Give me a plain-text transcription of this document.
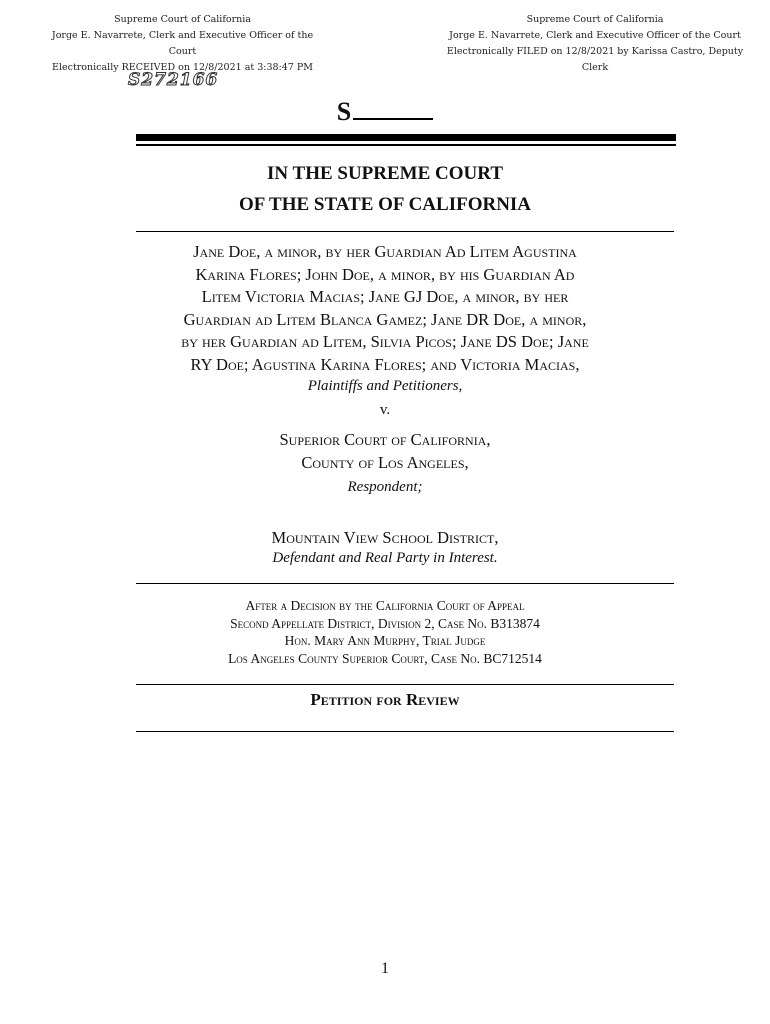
Supreme Court of California
Jorge E. Navarrete, Clerk and Executive Officer of the Court
Electronically RECEIVED on 12/8/2021 at 3:38:47 PM
Supreme Court of California
Jorge E. Navarrete, Clerk and Executive Officer of the Court
Electronically FILED on 12/8/2021 by Karissa Castro, Deputy Clerk
S272166
S
IN THE SUPREME COURT
OF THE STATE OF CALIFORNIA
Jane Doe, a minor, by her Guardian Ad Litem Agustina
Karina Flores; John Doe, a minor, by his Guardian Ad
Litem Victoria Macias; Jane GJ Doe, a minor, by her
Guardian ad Litem Blanca Gamez; Jane DR Doe, a minor,
by her Guardian ad Litem, Silvia Picos; Jane DS Doe; Jane
RY Doe; Agustina Karina Flores; and Victoria Macias,
Plaintiffs and Petitioners,
v.
Superior Court of California,
County of Los Angeles,
Respondent;
Mountain View School District,
Defendant and Real Party in Interest.
After a Decision by the California Court of Appeal
Second Appellate District, Division 2, Case No. B313874
Hon. Mary Ann Murphy, Trial Judge
Los Angeles County Superior Court, Case No. BC712514
Petition for Review
1
